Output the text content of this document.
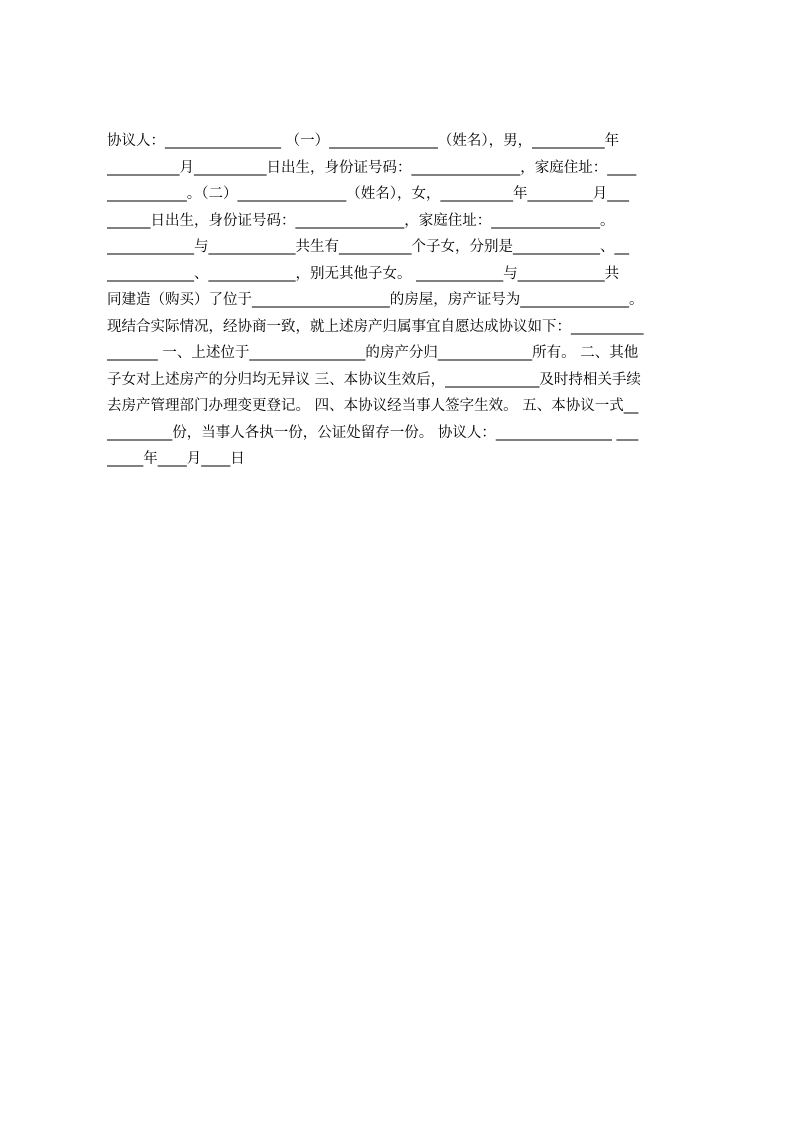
协议人：________________ （一）_______________（姓名），男，__________年
__________月__________日出生，身份证号码：_______________，家庭住址：____
___________。（二）_______________（姓名），女，__________年_________月___
______日出生，身份证号码：_______________，家庭住址：_______________。
____________与____________共生有__________个子女，分别是____________、__
____________、____________，别无其他子女。 ____________与____________共
同建造（购买）了位于___________________的房屋，房产证号为_______________。
现结合实际情况，经协商一致，就上述房产归属事宜自愿达成协议如下：__________
_______ 一、上述位于________________的房产分归_____________所有。 二、其他
子女对上述房产的分归均无异议 三、本协议生效后，_____________及时持相关手续
去房产管理部门办理变更登记。 四、本协议经当事人签字生效。 五、本协议一式__
_________份，当事人各执一份，公证处留存一份。 协议人：________________ ___
_____年____月____日
